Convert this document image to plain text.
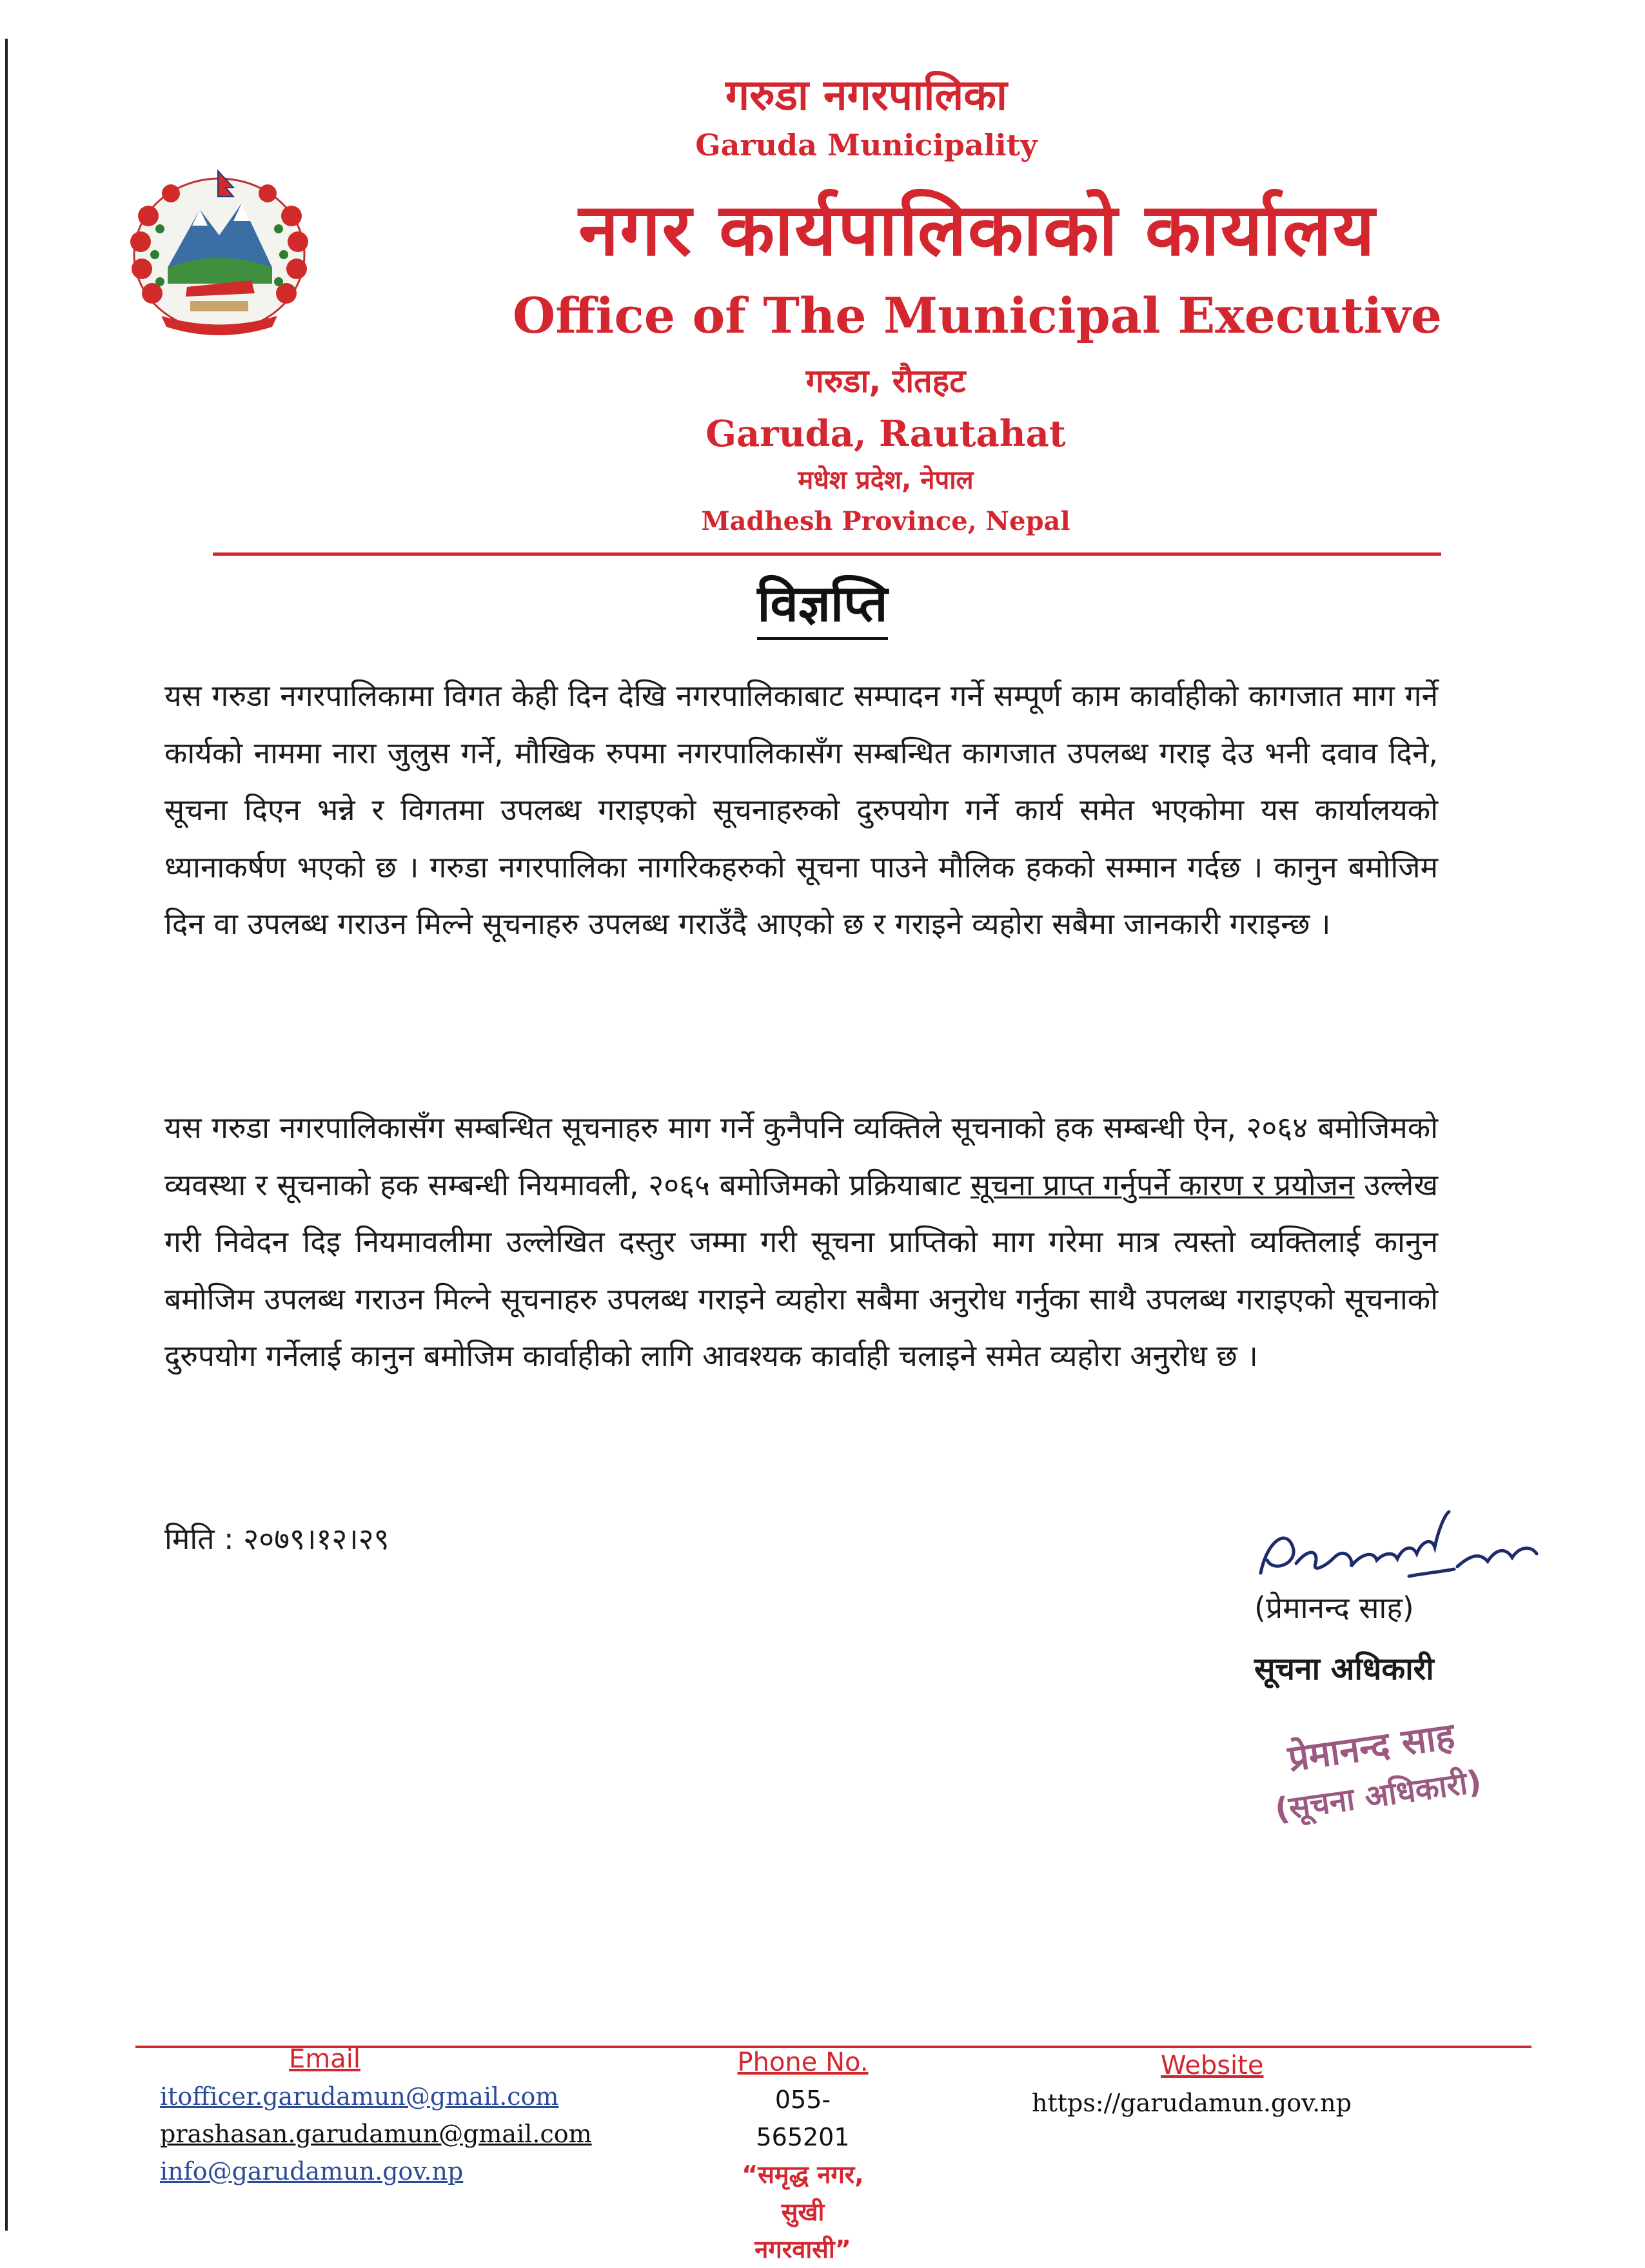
गरुडा नगरपालिका
Garuda Municipality
नगर कार्यपालिकाको कार्यालय
Office of The Municipal Executive
गरुडा, रौतहट
Garuda, Rautahat
मधेश प्रदेश, नेपाल
Madhesh Province, Nepal
विज्ञप्ति
यस गरुडा नगरपालिकामा विगत केही दिन देखि नगरपालिकाबाट सम्पादन गर्ने सम्पूर्ण काम कार्वाहीको कागजात माग गर्ने कार्यको नाममा नारा जुलुस गर्ने, मौखिक रुपमा नगरपालिकासँग सम्बन्धित कागजात उपलब्ध गराइ देउ भनी दवाव दिने, सूचना दिएन भन्ने र विगतमा उपलब्ध गराइएको सूचनाहरुको दुरुपयोग गर्ने कार्य समेत भएकोमा यस कार्यालयको ध्यानाकर्षण भएको छ । गरुडा नगरपालिका नागरिकहरुको सूचना पाउने मौलिक हकको सम्मान गर्दछ । कानुन बमोजिम दिन वा उपलब्ध गराउन मिल्ने सूचनाहरु उपलब्ध गराउँदै आएको छ र गराइने व्यहोरा सबैमा जानकारी गराइन्छ ।
यस गरुडा नगरपालिकासँग सम्बन्धित सूचनाहरु माग गर्ने कुनैपनि व्यक्तिले सूचनाको हक सम्बन्धी ऐन, २०६४ बमोजिमको व्यवस्था र सूचनाको हक सम्बन्धी नियमावली, २०६५ बमोजिमको प्रक्रियाबाट सूचना प्राप्त गर्नुपर्ने कारण र प्रयोजन उल्लेख गरी निवेदन दिइ नियमावलीमा उल्लेखित दस्तुर जम्मा गरी सूचना प्राप्तिको माग गरेमा मात्र त्यस्तो व्यक्तिलाई कानुन बमोजिम उपलब्ध गराउन मिल्ने सूचनाहरु उपलब्ध गराइने व्यहोरा सबैमा अनुरोध गर्नुका साथै उपलब्ध गराइएको सूचनाको दुरुपयोग गर्नेलाई कानुन बमोजिम कार्वाहीको लागि आवश्यक कार्वाही चलाइने समेत व्यहोरा अनुरोध छ ।
मिति : २०७९।१२।२९
(प्रेमानन्द साह)
सूचना अधिकारी
प्रेमानन्द साह
(सूचना अधिकारी)
Email
itofficer.garudamun@gmail.com
prashasan.garudamun@gmail.com
info@garudamun.gov.np
Phone No.
055-565201
“समृद्ध नगर,
सुखी नगरवासी”
Website
https://garudamun.gov.np
